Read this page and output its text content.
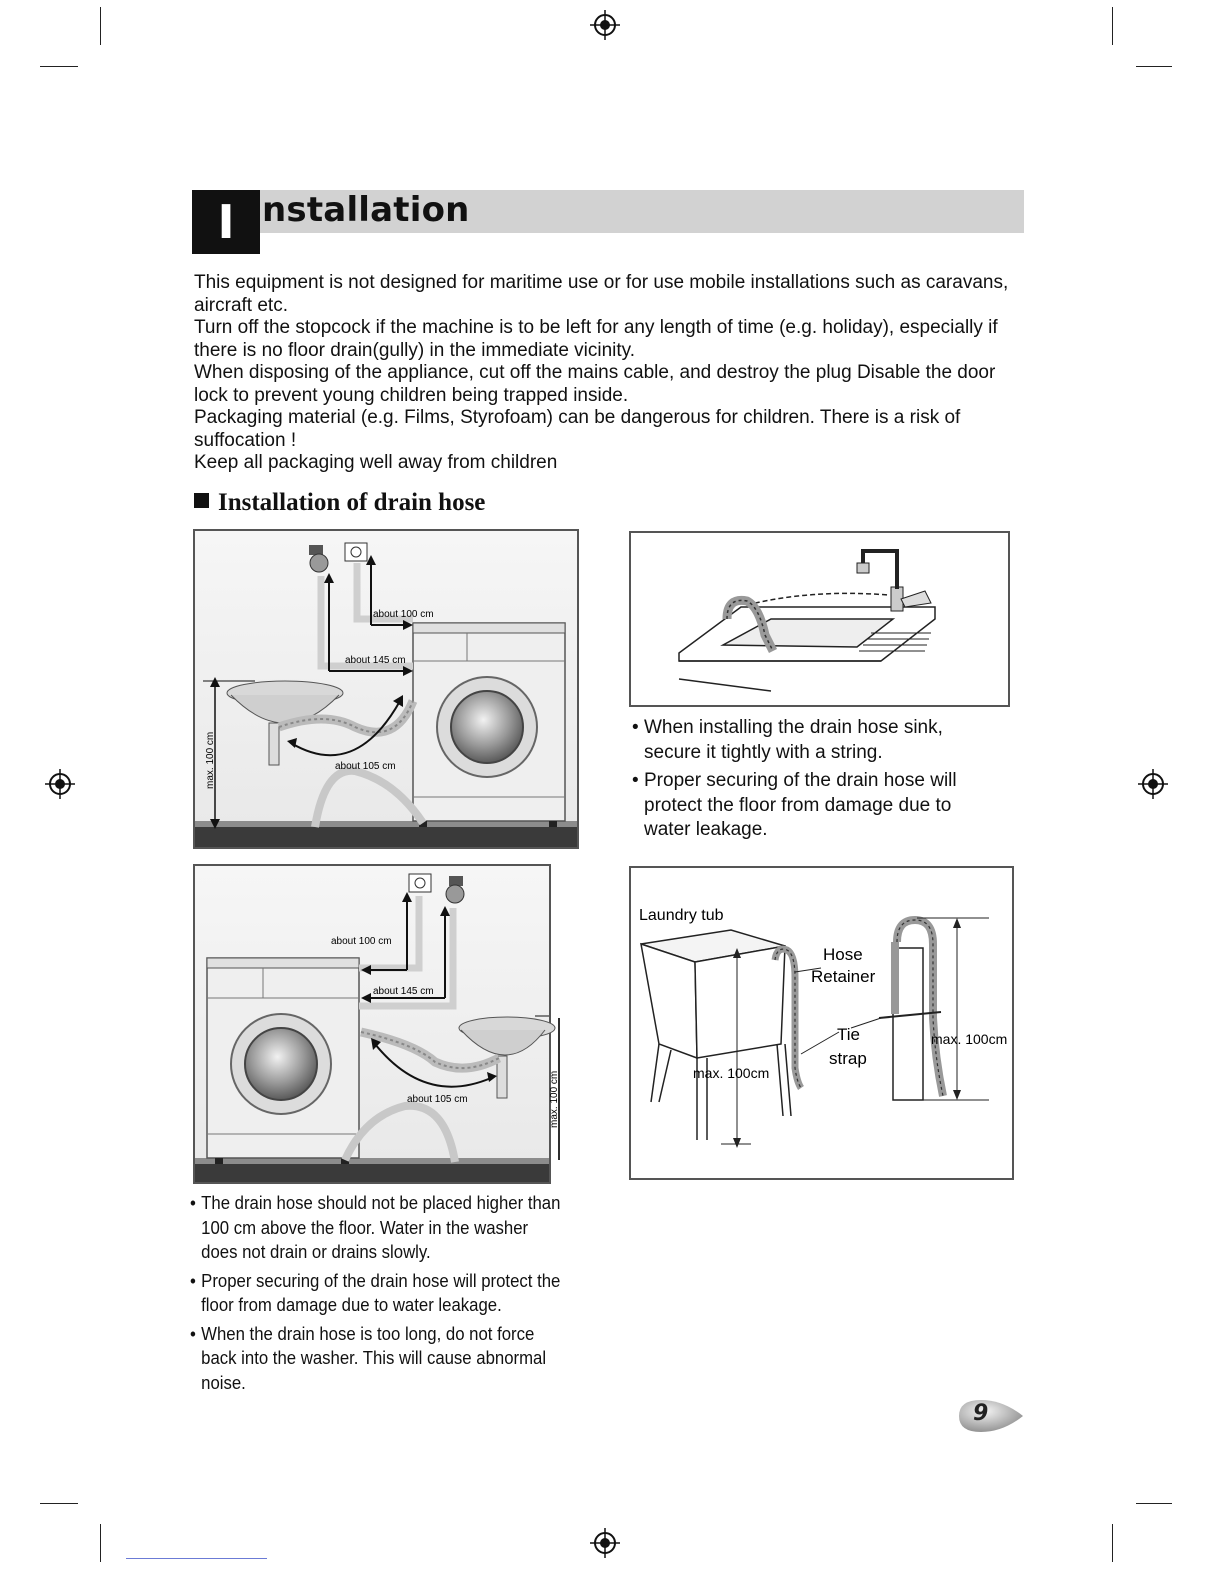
I nstallation

This equipment is not designed for maritime use or for use mobile installations such as caravans, aircraft etc.

Turn off the stopcock if the machine is to be left for any length of time (e.g. holiday), especially if there is no floor drain(gully) in the immediate vicinity.

When disposing of the appliance, cut off the mains cable, and destroy the plug Disable the door lock to prevent young children being trapped inside.

Packaging material (e.g. Films, Styrofoam) can be dangerous for children. There is a risk of suffocation !

Keep all packaging well away from children

Installation of drain hose
about 100 cm
about 145 cm
about 105 cm
max. 100 cm
about 100 cm
about 145 cm
about 105 cm	max. 100 cm
• When installing the drain hose sink, secure it tightly with a string.
• Proper securing of the drain hose will protect the floor from damage due to water leakage.
Laundry tub
Hose
Retainer
Tie
strap
max. 100cm
max. 100cm
• The drain hose should not be placed higher than 100 cm above the floor. Water in the washer does not drain or drains slowly.
• Proper securing of the drain hose will protect the floor from damage due to water leakage.
• When the drain hose is too long, do not force back into the washer. This will cause abnormal noise.
9
